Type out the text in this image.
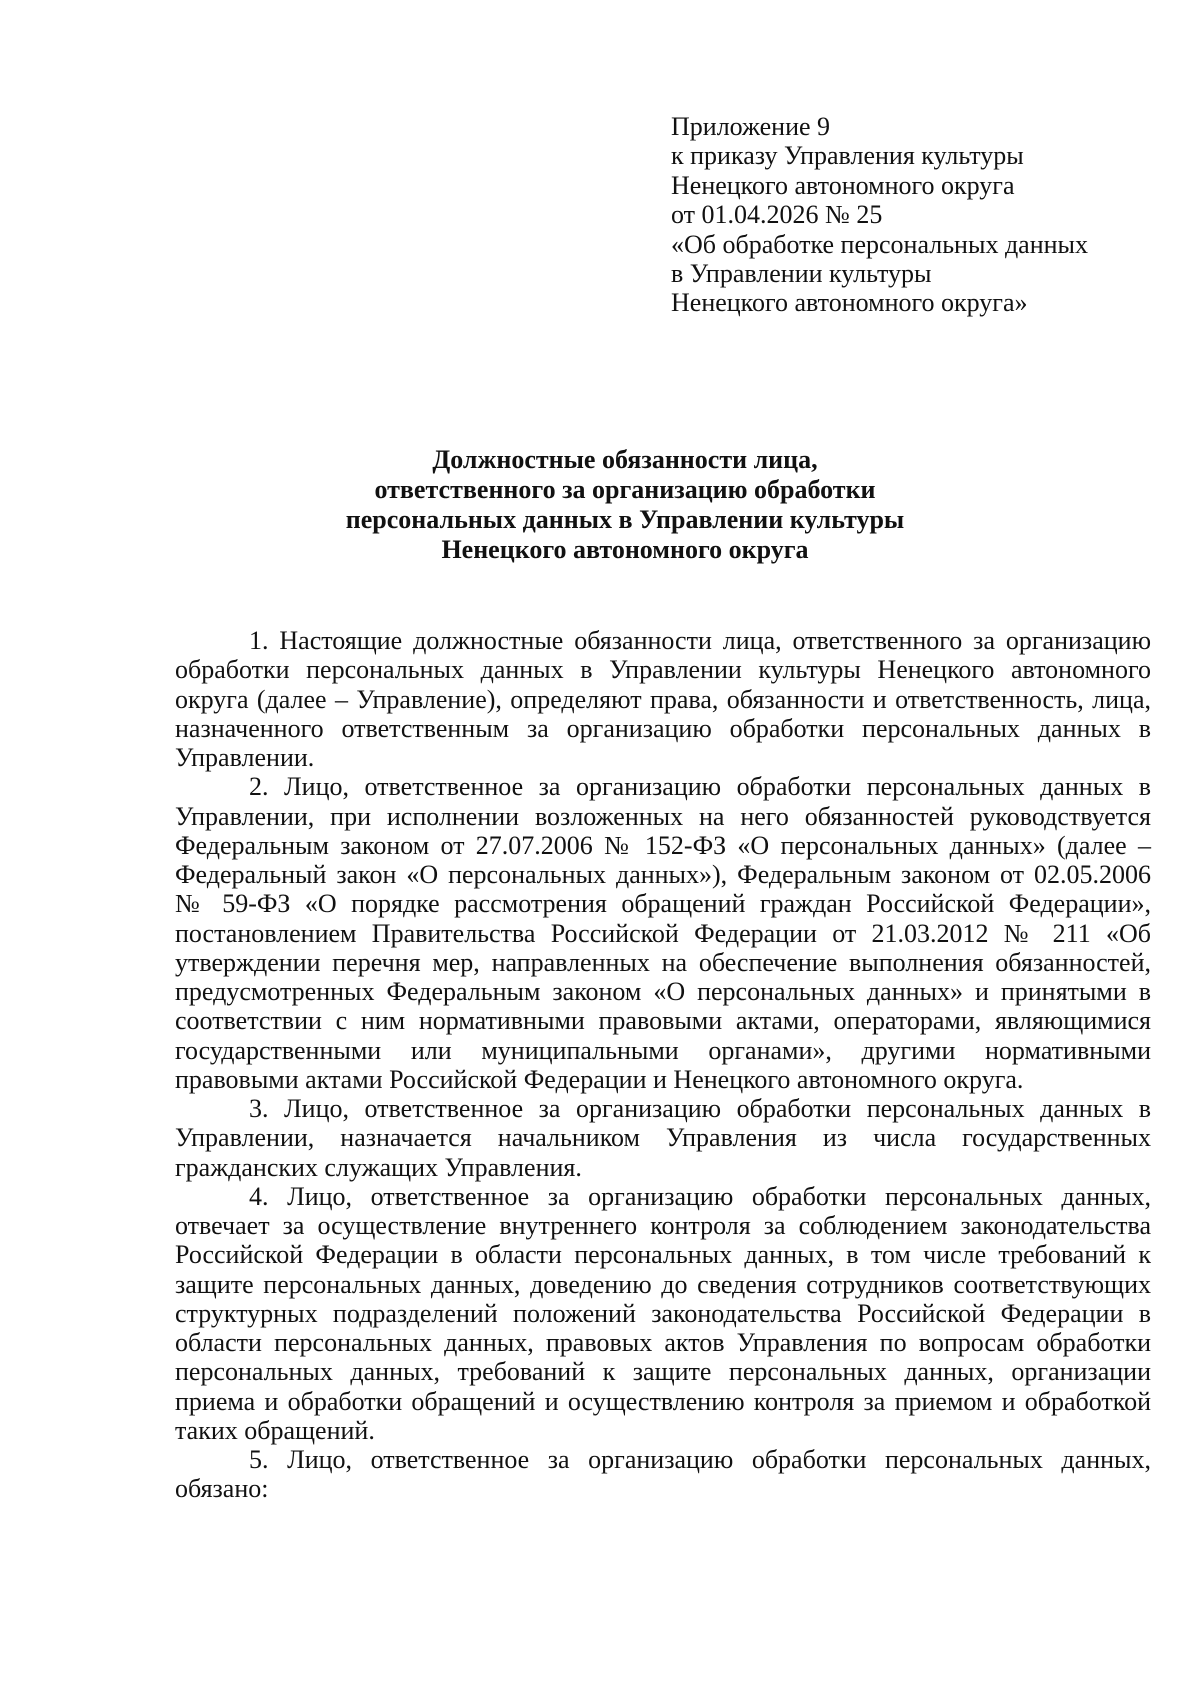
Приложение 9
к приказу Управления культуры
Ненецкого автономного округа
от 01.04.2026 № 25
«Об обработке персональных данных
в Управлении культуры
Ненецкого автономного округа»
Должностные обязанности лица,
ответственного за организацию обработки
персональных данных в Управлении культуры
Ненецкого автономного округа

1. Настоящие должностные обязанности лица, ответственного за организацию обработки персональных данных в Управлении культуры Ненецкого автономного округа (далее – Управление), определяют права, обязанности и ответственность, лица, назначенного ответственным за организацию обработки персональных данных в Управлении.

2. Лицо, ответственное за организацию обработки персональных данных в Управлении, при исполнении возложенных на него обязанностей руководствуется Федеральным законом от 27.07.2006 № 152-ФЗ «О персональных данных» (далее – Федеральный закон «О персональных данных»), Федеральным законом от 02.05.2006 № 59-ФЗ «О порядке рассмотрения обращений граждан Российской Федерации», постановлением Правительства Российской Федерации от 21.03.2012 № 211 «Об утверждении перечня мер, направленных на обеспечение выполнения обязанностей, предусмотренных Федеральным законом «О персональных данных» и принятыми в соответствии с ним нормативными правовыми актами, операторами, являющимися государственными или муниципальными органами», другими нормативными правовыми актами Российской Федерации и Ненецкого автономного округа.

3. Лицо, ответственное за организацию обработки персональных данных в Управлении, назначается начальником Управления из числа государственных гражданских служащих Управления.

4. Лицо, ответственное за организацию обработки персональных данных, отвечает за осуществление внутреннего контроля за соблюдением законодательства Российской Федерации в области персональных данных, в том числе требований к защите персональных данных, доведению до сведения сотрудников соответствующих структурных подразделений положений законодательства Российской Федерации в области персональных данных, правовых актов Управления по вопросам обработки персональных данных, требований к защите персональных данных, организации приема и обработки обращений и осуществлению контроля за приемом и обработкой таких обращений.

5. Лицо, ответственное за организацию обработки персональных данных, обязано:
